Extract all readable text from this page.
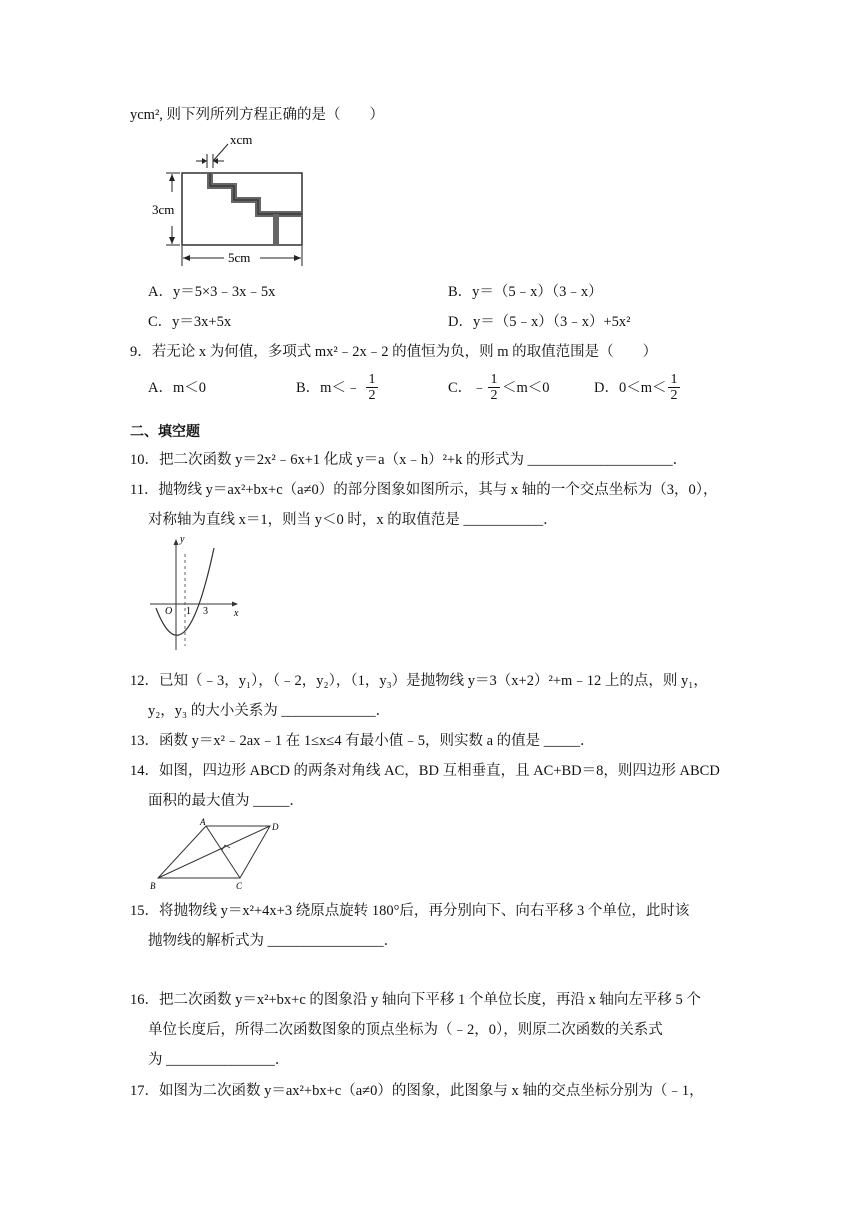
ycm², 则下列所列方程正确的是（　　）
xcm
3cm
5cm
A．y＝5×3﹣3x﹣5x	B．y＝（5﹣x）（3﹣x）
C．y＝3x+5x	D．y＝（5﹣x）（3﹣x）+5x²
9．若无论 x 为何值，多项式 mx²﹣2x﹣2 的值恒为负，则 m 的取值范围是（　　）
A．m＜0	B．m＜﹣ $\frac{1}{2}$	C．﹣ $\frac{1}{2} <m<0$	D．$0<m< \frac{1}{2}$
二、填空题
10．把二次函数 y＝2x²﹣6x+1 化成 y＝a（x﹣h）²+k 的形式为 ____________________．
11．抛物线 y＝ax²+bx+c（a≠0）的部分图象如图所示，其与 x 轴的一个交点坐标为（3，0），
对称轴为直线 x＝1，则当 y＜0 时，x 的取值范是 ___________．
y
x
O 1 3
12．已知（﹣3，y₁），（﹣2，y₂），（1，y₃）是抛物线 y＝3（x+2）²+m﹣12 上的点，则 y₁，
y₂，y₃ 的大小关系为 _____________．
13．函数 y＝x²﹣2ax﹣1 在 1≤x≤4 有最小值﹣5，则实数 a 的值是 _____．
14．如图，四边形 ABCD 的两条对角线 AC，BD 互相垂直，且 AC+BD＝8，则四边形 ABCD
面积的最大值为 _____．
A	D
C
B
15．将抛物线 y＝x²+4x+3 绕原点旋转 180°后，再分别向下、向右平移 3 个单位，此时该
抛物线的解析式为 ________________．
16．把二次函数 y＝x²+bx+c 的图象沿 y 轴向下平移 1 个单位长度，再沿 x 轴向左平移 5 个
单位长度后，所得二次函数图象的顶点坐标为（﹣2，0），则原二次函数的关系式
为 _______________．
17．如图为二次函数 y＝ax²+bx+c（a≠0）的图象，此图象与 x 轴的交点坐标分别为（﹣1，
